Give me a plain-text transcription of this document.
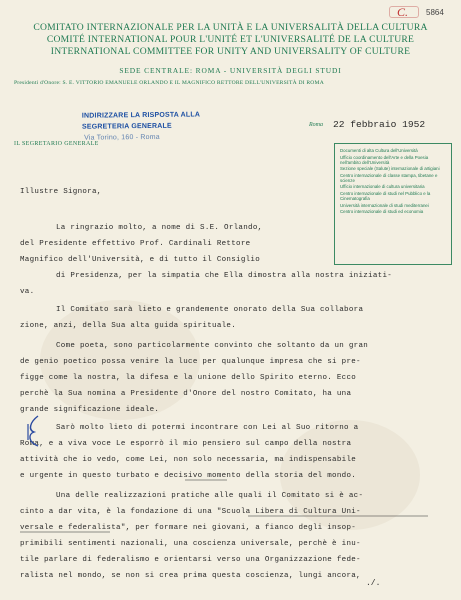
C. 5864
COMITATO INTERNAZIONALE PER LA UNITÀ E LA UNIVERSALITÀ DELLA CULTURA
COMITÉ INTERNATIONAL POUR L'UNITÉ ET L'UNIVERSALITÉ DE LA CULTURE
INTERNATIONAL COMMITTEE FOR UNITY AND UNIVERSALITY OF CULTURE
SEDE CENTRALE: ROMA - UNIVERSITÀ DEGLI STUDI
Presidenti d'Onore: S. E. VITTORIO EMANUELE ORLANDO E IL MAGNIFICO RETTORE DELL'UNIVERSITÀ DI ROMA
INDIRIZZARE LA RISPOSTA ALLA SEGRETERIA GENERALE
Via Torino, 160 - Roma
Roma 22 febbraio 1952
IL SEGRETARIO GENERALE
Documenti di alta Cultura dell'Università
Ufficio coordinamento dell'Arte e della Poesia nell'ambito dell'Università
Sezione speciale (Salute) internazionale di artigiani
Centro internazionale di classe stampa, tibetane e scienze
Ufficio internazionale di cultura universitaria
Centro internazionale di studi nel Pubblico e la Cinematografia
Università internazionale di studi mediterranei
Centro internazionale di studi ed economia
Illustre Signora,
La ringrazio molto, a nome di S.E. Orlando,
del Presidente effettivo Prof. Cardinali Rettore
Magnifico dell'Università, e di tutto il Consiglio
di Presidenza, per la simpatia che Ella dimostra alla nostra iniziati-
va.
Il Comitato sarà lieto e grandemente onorato della Sua collabora
zione, anzi, della Sua alta guida spirituale.
Come poeta, sono particolarmente convinto che soltanto da un gran
de genio poetico possa venire la luce per qualunque impresa che si pre-
figge come la nostra, la difesa e la unione dello Spirito eterno. Ecco
perchè la Sua nomina a Presidente d'Onore del nostro Comitato, ha una
grande significazione ideale.
Sarò molto lieto di potermi incontrare con Lei al Suo ritorno a
Roma, e a viva voce Le esporrò il mio pensiero sul campo della nostra
attività che io vedo, come Lei, non solo necessaria, ma indispensabile
e urgente in questo turbato e decisivo momento della storia del mondo.
Una delle realizzazioni pratiche alle quali il Comitato si è ac-
cinto a dar vita, è la fondazione di una "Scuola Libera di Cultura Uni-
versale e federalista", per formare nei giovani, a fianco degli insop-
primibili sentimenti nazionali, una coscienza universale, perchè è inu-
tile parlare di federalismo e orientarsi verso una Organizzazione fede-
ralista nel mondo, se non si crea prima questa coscienza, lungi ancora,
./.
